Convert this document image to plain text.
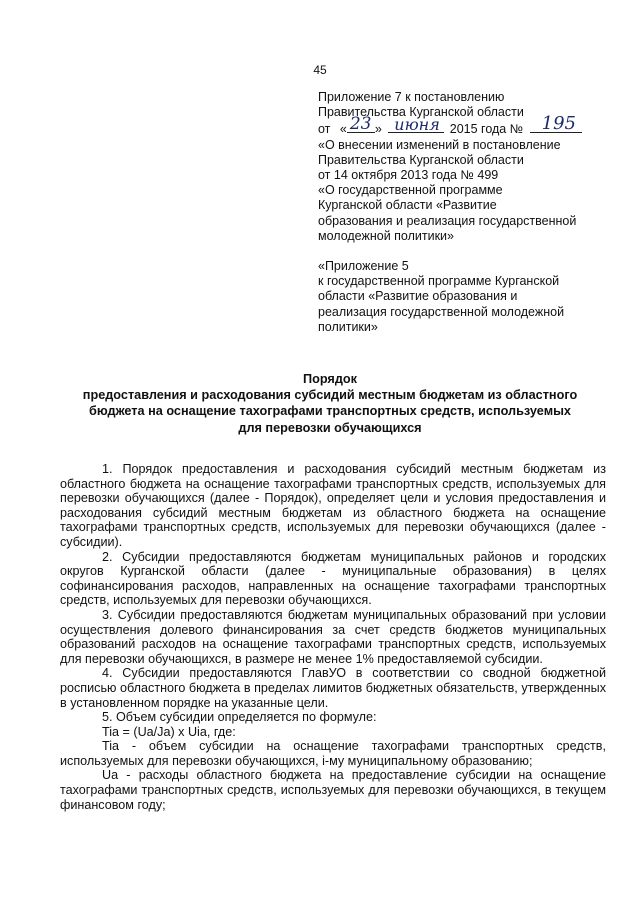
45
Приложение 7 к постановлению
Правительства Курганской области
от « 23 » июня 2015 года № 195
«О внесении изменений в постановление
Правительства Курганской области
от 14 октября 2013 года № 499
«О государственной программе
Курганской области «Развитие
образования и реализация государственной
молодежной политики»
«Приложение 5
к государственной программе Курганской
области «Развитие образования и
реализация государственной молодежной
политики»
Порядок
предоставления и расходования субсидий местным бюджетам из областного
бюджета на оснащение тахографами транспортных средств, используемых
для перевозки обучающихся

1. Порядок предоставления и расходования субсидий местным бюджетам из областного бюджета на оснащение тахографами транспортных средств, используемых для перевозки обучающихся (далее - Порядок), определяет цели и условия предоставления и расходования субсидий местным бюджетам из областного бюджета на оснащение тахографами транспортных средств, используемых для перевозки обучающихся (далее - субсидии).

2. Субсидии предоставляются бюджетам муниципальных районов и городских округов Курганской области (далее - муниципальные образования) в целях софинансирования расходов, направленных на оснащение тахографами транспортных средств, используемых для перевозки обучающихся.

3. Субсидии предоставляются бюджетам муниципальных образований при условии осуществления долевого финансирования за счет средств бюджетов муниципальных образований расходов на оснащение тахографами транспортных средств, используемых для перевозки обучающихся, в размере не менее 1% предоставляемой субсидии.

4. Субсидии предоставляются ГлавУО в соответствии со сводной бюджетной росписью областного бюджета в пределах лимитов бюджетных обязательств, утвержденных в установленном порядке на указанные цели.

5. Объем субсидии определяется по формуле:

Tia = (Ua/Ja) x Uia, где:

Tia - объем субсидии на оснащение тахографами транспортных средств, используемых для перевозки обучающихся, i-му муниципальному образованию;

Ua - расходы областного бюджета на предоставление субсидии на оснащение тахографами транспортных средств, используемых для перевозки обучающихся, в текущем финансовом году;
